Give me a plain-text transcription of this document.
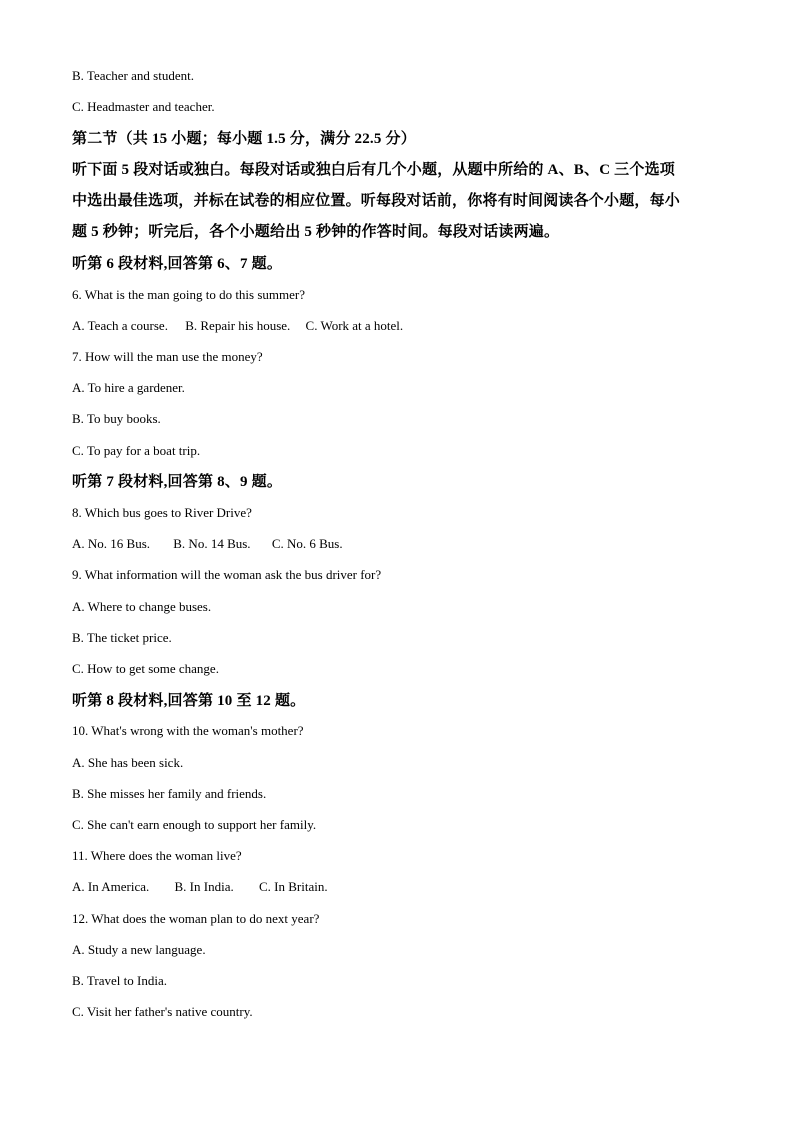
B. Teacher and student.
C. Headmaster and teacher.
第二节（共 15 小题；每小题 1.5 分，满分 22.5 分）
听下面 5 段对话或独白。每段对话或独白后有几个小题，从题中所给的 A、B、C 三个选项
中选出最佳选项，并标在试卷的相应位置。听每段对话前，你将有时间阅读各个小题，每小
题 5 秒钟；听完后，各个小题给出 5 秒钟的作答时间。每段对话读两遍。
听第 6 段材料,回答第 6、7 题。
6. What is the man going to do this summer?
A. Teach a course. B. Repair his house. C. Work at a hotel.
7. How will the man use the money?
A. To hire a gardener.
B. To buy books.
C. To pay for a boat trip.
听第 7 段材料,回答第 8、9 题。
8. Which bus goes to River Drive?
A. No. 16 Bus. B. No. 14 Bus. C. No. 6 Bus.
9. What information will the woman ask the bus driver for?
A. Where to change buses.
B. The ticket price.
C. How to get some change.
听第 8 段材料,回答第 10 至 12 题。
10. What's wrong with the woman's mother?
A. She has been sick.
B. She misses her family and friends.
C. She can't earn enough to support her family.
11. Where does the woman live?
A. In America. B. In India. C. In Britain.
12. What does the woman plan to do next year?
A. Study a new language.
B. Travel to India.
C. Visit her father's native country.
